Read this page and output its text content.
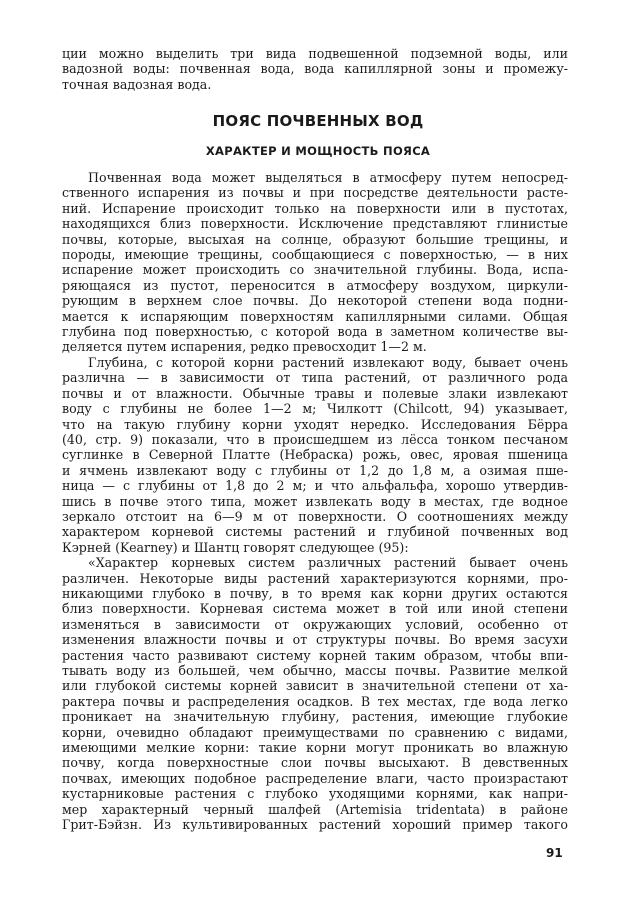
ции можно выделить три вида подвешенной подземной воды, или
вадозной воды: почвенная вода, вода капиллярной зоны и промежу-
точная вадозная вода.
ПОЯС ПОЧВЕННЫХ ВОД
ХАРАКТЕР И МОЩНОСТЬ ПОЯСА
Почвенная вода может выделяться в атмосферу путем непосред-
ственного испарения из почвы и при посредстве деятельности расте-
ний. Испарение происходит только на поверхности или в пустотах,
находящихся близ поверхности. Исключение представляют глинистые
почвы, которые, высыхая на солнце, образуют большие трещины, и
породы, имеющие трещины, сообщающиеся с поверхностью, — в них
испарение может происходить со значительной глубины. Вода, испа-
ряющаяся из пустот, переносится в атмосферу воздухом, циркули-
рующим в верхнем слое почвы. До некоторой степени вода подни-
мается к испаряющим поверхностям капиллярными силами. Общая
глубина под поверхностью, с которой вода в заметном количестве вы-
деляется путем испарения, редко превосходит 1—2 м.
Глубина, с которой корни растений извлекают воду, бывает очень
различна — в зависимости от типа растений, от различного рода
почвы и от влажности. Обычные травы и полевые злаки извлекают
воду с глубины не более 1—2 м; Чилкотт (Chilcott, 94) указывает,
что на такую глубину корни уходят нередко. Исследования Бёрра
(40, стр. 9) показали, что в происшедшем из лёсса тонком песчаном
суглинке в Северной Платте (Небраска) рожь, овес, яровая пшеница
и ячмень извлекают воду с глубины от 1,2 до 1,8 м, а озимая пше-
ница — с глубины от 1,8 до 2 м; и что альфальфа, хорошо утвердив-
шись в почве этого типа, может извлекать воду в местах, где водное
зеркало отстоит на 6—9 м от поверхности. О соотношениях между
характером корневой системы растений и глубиной почвенных вод
Кэрней (Kearney) и Шантц говорят следующее (95):
«Характер корневых систем различных растений бывает очень
различен. Некоторые виды растений характеризуются корнями, про-
никающими глубоко в почву, в то время как корни других остаются
близ поверхности. Корневая система может в той или иной степени
изменяться в зависимости от окружающих условий, особенно от
изменения влажности почвы и от структуры почвы. Во время засухи
растения часто развивают систему корней таким образом, чтобы впи-
тывать воду из большей, чем обычно, массы почвы. Развитие мелкой
или глубокой системы корней зависит в значительной степени от ха-
рактера почвы и распределения осадков. В тех местах, где вода легко
проникает на значительную глубину, растения, имеющие глубокие
корни, очевидно обладают преимуществами по сравнению с видами,
имеющими мелкие корни: такие корни могут проникать во влажную
почву, когда поверхностные слои почвы высыхают. В девственных
почвах, имеющих подобное распределение влаги, часто произрастают
кустарниковые растения с глубоко уходящими корнями, как напри-
мер характерный черный шалфей (Artemisia tridentata) в районе
Грит-Бэйзн. Из культивированных растений хороший пример такого
91
